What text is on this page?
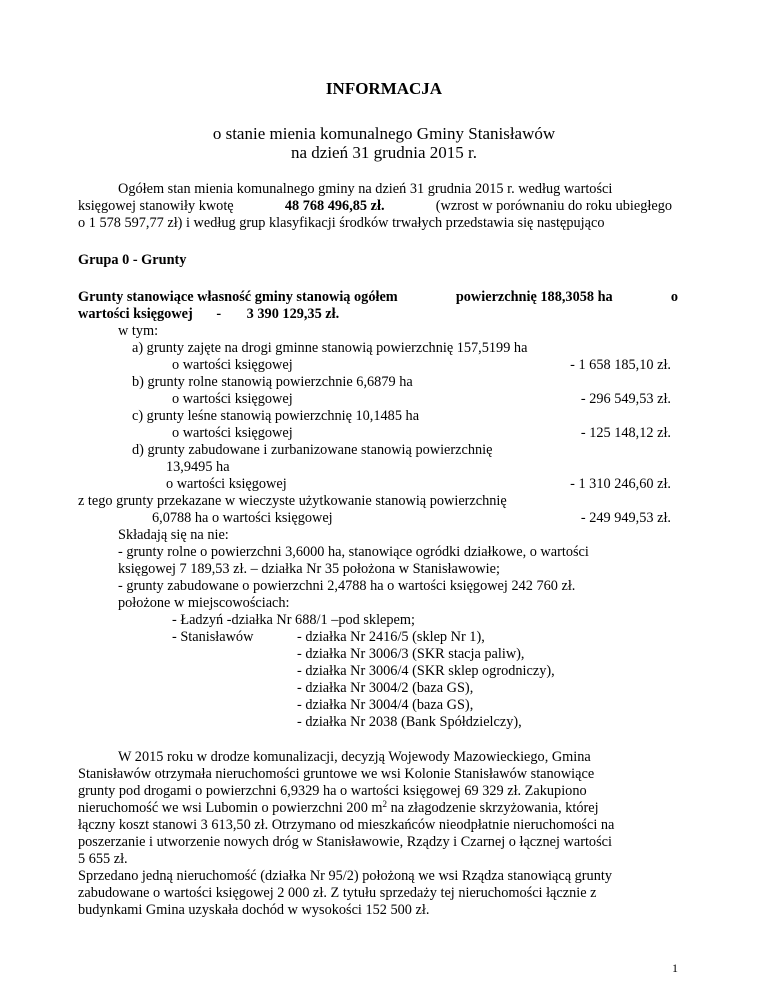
INFORMACJA
o stanie mienia komunalnego Gminy Stanisławów
na dzień 31 grudnia 2015 r.
Ogółem stan mienia komunalnego gminy na dzień 31 grudnia 2015 r. według wartości
księgowej stanowiły kwotę	48 768 496,85 zł.	(wzrost w porównaniu do roku ubiegłego
o 1 578 597,77 zł) i według grup klasyfikacji środków trwałych przedstawia się następująco
Grupa 0 - Grunty
Grunty stanowiące własność gminy stanowią ogółem	powierzchnię 188,3058 ha	o
wartości księgowej - 3 390 129,35 zł.
w tym:
a) grunty zajęte na drogi gminne stanowią powierzchnię 157,5199 ha
o wartości księgowej	- 1 658 185,10 zł.
b) grunty rolne stanowią powierzchnie 6,6879 ha
o wartości księgowej	- 296 549,53 zł.
c) grunty leśne stanowią powierzchnię 10,1485 ha
o wartości księgowej	- 125 148,12 zł.
d) grunty zabudowane i zurbanizowane stanowią powierzchnię
13,9495 ha
o wartości księgowej	- 1 310 246,60 zł.
z tego grunty przekazane w wieczyste użytkowanie stanowią powierzchnię
6,0788 ha o wartości księgowej	- 249 949,53 zł.
Składają się na nie:
- grunty rolne o powierzchni 3,6000 ha, stanowiące ogródki działkowe, o wartości
księgowej 7 189,53 zł. – działka Nr 35 położona w Stanisławowie;
- grunty zabudowane o powierzchni 2,4788 ha o wartości księgowej 242 760 zł.
położone w miejscowościach:
- Ładzyń -działka Nr 688/1 –pod sklepem;
- Stanisławów	- działka Nr 2416/5 (sklep Nr 1),
- działka Nr 3006/3 (SKR stacja paliw),
- działka Nr 3006/4 (SKR sklep ogrodniczy),
- działka Nr 3004/2 (baza GS),
- działka Nr 3004/4 (baza GS),
- działka Nr 2038 (Bank Spółdzielczy),
W 2015 roku w drodze komunalizacji, decyzją Wojewody Mazowieckiego, Gmina
Stanisławów otrzymała nieruchomości gruntowe we wsi Kolonie Stanisławów stanowiące
grunty pod drogami o powierzchni 6,9329 ha o wartości księgowej 69 329 zł. Zakupiono
nieruchomość we wsi Lubomin o powierzchni 200 $m^2$ na złagodzenie skrzyżowania, której
łączny koszt stanowi 3 613,50 zł. Otrzymano od mieszkańców nieodpłatnie nieruchomości na
poszerzanie i utworzenie nowych dróg w Stanisławowie, Rządzy i Czarnej o łącznej wartości
5 655 zł.
Sprzedano jedną nieruchomość (działka Nr 95/2) położoną we wsi Rządza stanowiącą grunty
zabudowane o wartości księgowej 2 000 zł. Z tytułu sprzedaży tej nieruchomości łącznie z
budynkami Gmina uzyskała dochód w wysokości 152 500 zł.
1
